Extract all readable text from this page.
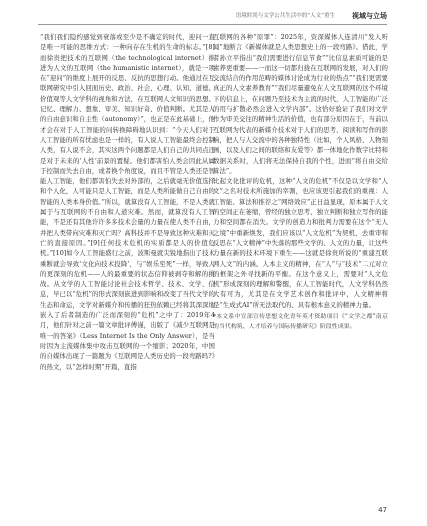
语境时尚与文学公共生活中的“人文”重生 视域与立场

“我们我们隐约感觉到衰落或至少是不确定的时代，迎问一直是唯一可能的思维方式：一种向存在生机的生命的标志。”[8]而徐贵把技术的互联网（the technological internet）推进为人文的互联网（the humanistic internet），就是一项在“迎问”的维度上展开的反思、反抗的思想行动。他通过在互联网研究中引入回面历史、政治、社会、心理、认知、道德、价值观等人文学科的视角和方法，在互联网人文知识的思想、记忆、理解力、想象、审美、知识好奇、价值判断。尤其是人的自由意识和自主性（autonomy）”，也正是在此基础上，他才会在对于人工智能的问转换障碍地认识到：“今天人们对于人工智能的所有忧虑也是一样的，有人说人工智能最终会控制人类，有人说不会，其实这两个问题都是人们自己的共同点还是对于未来的‘人性’前景的置疑。他们都害怕人类会因此从属于控制而失去自由，或者换个角度说，而且不管是人类还是智能人工智能，他们都害怕失去对外部的，之后就毫无价值选择和个人化，人可能只是人工智能，而是人类所能做自己自由的智能的人类本身价值。”所以，就算没有人工智能，不是人类就属于与互联网的不自由和人道灾难。然而，就算没有人工智能，不是还有其他许许多多技术会量的力量在使人类不自由，并把人类带向灾难和灭亡吗？高科技并不是导致这种灾难和灭亡的直接原因。”[9]任何技术危机的实质都是人的价值危机。”[10]如今人工智能盛行之前，波斯曼就尖锐地指出了技术乘断就会导致‘文化向技术投降’，与“娱乐至死”一样，导致人的更深刻的危机——人的最重要的状态信仰被剥夺和解的挑战。从文学的人工智能讨论社会技术哲学、技术、文学、信息，早已以“危机”的形式深刻嵌进到影响和改变了当代文学的生态和命运，文学对新媒介和传播的狂热依赖已经将其深深地嵌入了后者制造的广泛而深刻的“危机”之中了：2019年4月，他们针对之前一篇文章批评傅谨，出版了《减少互联网是唯一的答案》（Less Internet Is the Only Answer），是当时因为主流媒体集中攻击互联网的一个缩影；2020年，中国的自媒体出现了一篇题为《互联网是人类历史的一段弯路吗?》的热文，以“怎样时期”开篇，直指

互联网的各种“原罪”：2025年，资深媒体人连清川“发人听闻”地断言《新媒体就是人类思想史上的一段弯路》。借此，学者孙立平指出“我们需要进行信息节食”“比信息素质可能的是素养更重要——一而这一切都归拢在互联网的发展，对人们的交流结合的作用范畴的媒体讨论成为行业的热点”“我们更需要真正的人文素养教育”“我们尽量避免在人文互联网的这个环境下的信息上，在问题乃至技术为主流的时代，人工智能的广泛的用与扩散必然会进入文学内部”。这恰好验证了我们对文学作为审美交往的精神生活的价值，也有部分原因在于，当前以互联网为代表的新媒介技术对于人们的思考、阅读和写作的影响，把人与人交流中的各种独特性（比如，个人风格、人物刻画，以及人们之间的联络和友爱等）都一体地化作数字比特和数据关系时，人们将无法保持自我的个性，进而“将自由交给算法”。

比起文化批评的危机，这种“人文的危机”不仅是以文学和“人文”之名对技术所施加的宰割，也应该更引起我们的重视：人工智能、算法和推荐之“网络效应”正日益显现，原本属于人文的空间正在萎缩，曾经的独立思考、独立判断和独立写作的能力和空间都在消失。文学的创造力和批判力需要在这个“无人之境”中重新焕发，我们应该以“人文危机”为契机，去重审和反思在“人文精神”中失落的那些文学的、人文的力量，让这些力量在新的技术环境下重生——这就是徐贵所说的“重建互联网人文”的内涵。人本主义的精神，在“人”与“技术”二元对立的框架之外寻找新的平衡。在这个意义上，需要对“人文危机”形成深刻的理解和警醒，在人工智能时代，人文学科仍然大有可为，尤其是在文学艺术创作和批评中，人文精神将是“生成式AI”所无法取代的、具有根本意义的精神力量。

*本文系中宣部宣传思想文化青年英才资助项目《“文学之都”南京的当代构筑、人才培养与国际传播研究》阶段性成果。

47
